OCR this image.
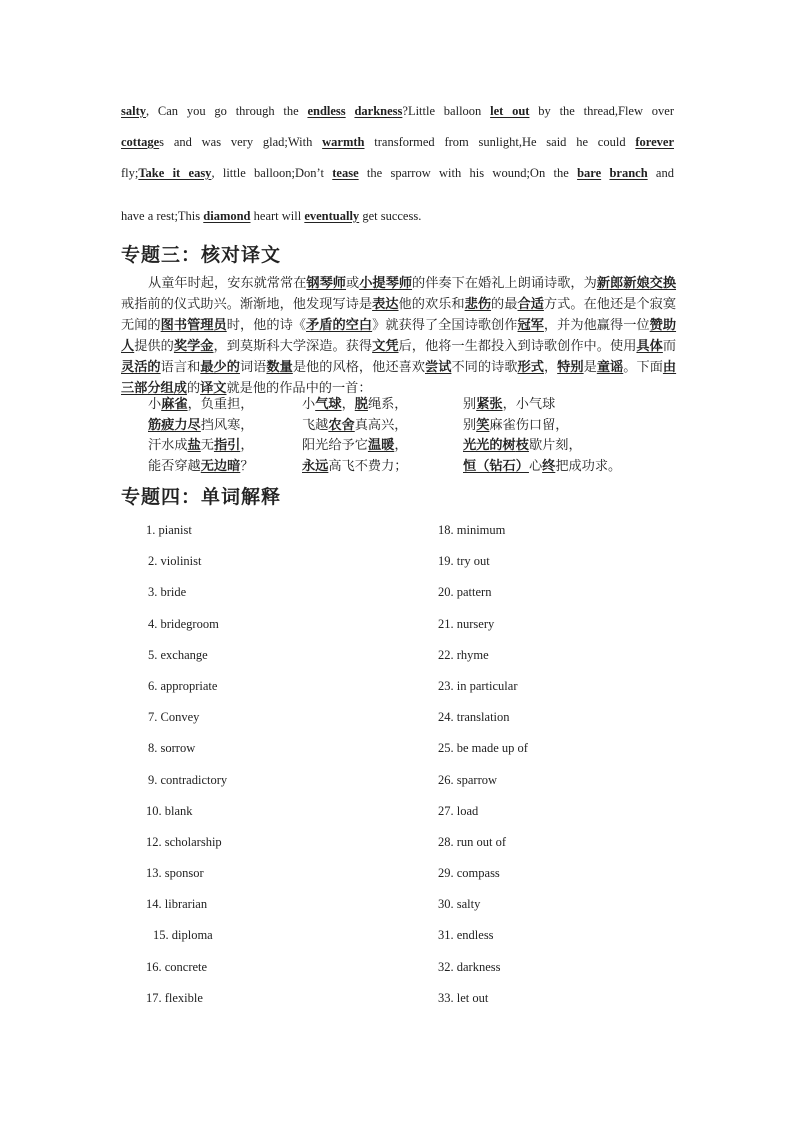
salty, Can you go through the endless darkness?Little balloon let out by the thread,Flew over
cottages and was very glad;With warmth transformed from sunlight,He said he could forever
fly;Take it easy, little balloon;Don’t tease the sparrow with his wound;On the bare branch and
have a rest;This diamond heart will eventually get success.
专题三：核对译文

从童年时起，安东就常常在钢琴师或小提琴师的伴奏下在婚礼上朗诵诗歌，为新郎新娘交换戒指前的仪式助兴。渐渐地，他发现写诗是表达他的欢乐和悲伤的最合适方式。在他还是个寂寞无闻的图书管理员时，他的诗《矛盾的空白》就获得了全国诗歌创作冠军，并为他赢得一位赞助人提供的奖学金，到莫斯科大学深造。获得文凭后，他将一生都投入到诗歌创作中。使用具体而灵活的语言和最少的词语数量是他的风格，他还喜欢尝试不同的诗歌形式，特别是童谣。下面由三部分组成的译文就是他的作品中的一首：

小麻雀，负重担，	小气球，脱绳系，	别紧张，小气球
筋疲力尽挡风寒，	飞越农舍真高兴，	别笑麻雀伤口留，
汗水成盐无指引，	阳光给予它温暖，	光光的树枝歇片刻，
能否穿越无边暗？	永远高飞不费力；	恒（钻石）心终把成功求。
专题四：单词解释
1. pianist
2. violinist
3. bride
4. bridegroom
5. exchange
6. appropriate
7. Convey
8. sorrow
9. contradictory
10. blank
12. scholarship
13. sponsor
14. librarian
15. diploma
16. concrete
17. flexible
18. minimum
19. try out
20. pattern
21. nursery
22. rhyme
23. in particular
24. translation
25. be made up of
26. sparrow
27. load
28. run out of
29. compass
30. salty
31. endless
32. darkness
33. let out
